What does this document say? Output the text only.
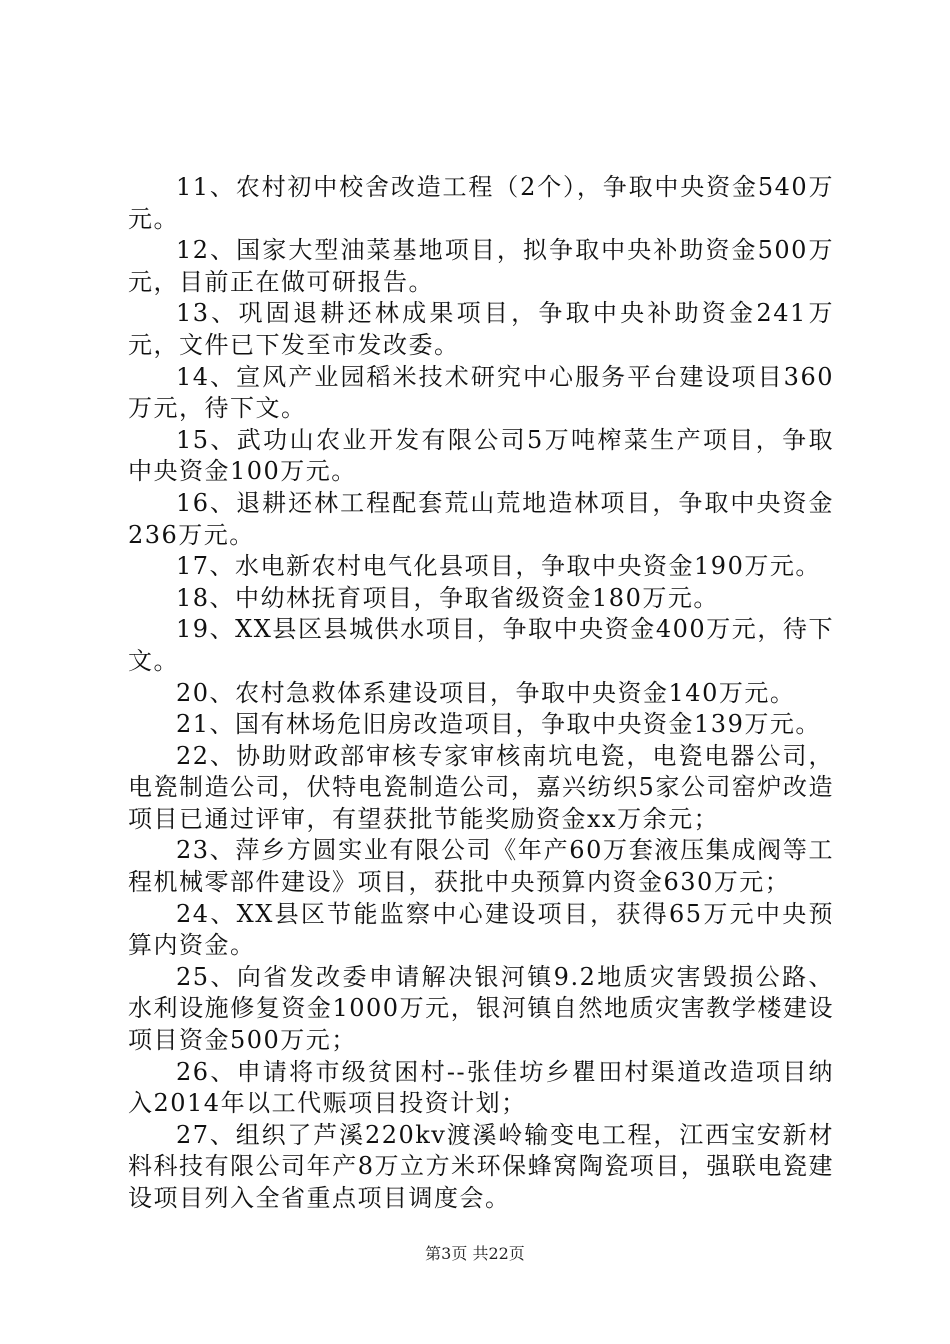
11、农村初中校舍改造工程（2个），争取中央资金540万元。

12、国家大型油菜基地项目，拟争取中央补助资金500万元，目前正在做可研报告。

13、巩固退耕还林成果项目，争取中央补助资金241万元，文件已下发至市发改委。

14、宣风产业园稻米技术研究中心服务平台建设项目360万元，待下文。

15、武功山农业开发有限公司5万吨榨菜生产项目，争取中央资金100万元。

16、退耕还林工程配套荒山荒地造林项目，争取中央资金236万元。

17、水电新农村电气化县项目，争取中央资金190万元。

18、中幼林抚育项目，争取省级资金180万元。

19、XX县区县城供水项目，争取中央资金400万元，待下文。

20、农村急救体系建设项目，争取中央资金140万元。

21、国有林场危旧房改造项目，争取中央资金139万元。

22、协助财政部审核专家审核南坑电瓷，电瓷电器公司，电瓷制造公司，伏特电瓷制造公司，嘉兴纺织5家公司窑炉改造项目已通过评审，有望获批节能奖励资金xx万余元；

23、萍乡方圆实业有限公司《年产60万套液压集成阀等工程机械零部件建设》项目，获批中央预算内资金630万元；

24、XX县区节能监察中心建设项目，获得65万元中央预算内资金。

25、向省发改委申请解决银河镇9.2地质灾害毁损公路、水利设施修复资金1000万元，银河镇自然地质灾害教学楼建设项目资金500万元；

26、申请将市级贫困村--张佳坊乡瞿田村渠道改造项目纳入2014年以工代赈项目投资计划；

27、组织了芦溪220kv渡溪岭输变电工程，江西宝安新材料科技有限公司年产8万立方米环保蜂窝陶瓷项目，强联电瓷建设项目列入全省重点项目调度会。

第3页 共22页
